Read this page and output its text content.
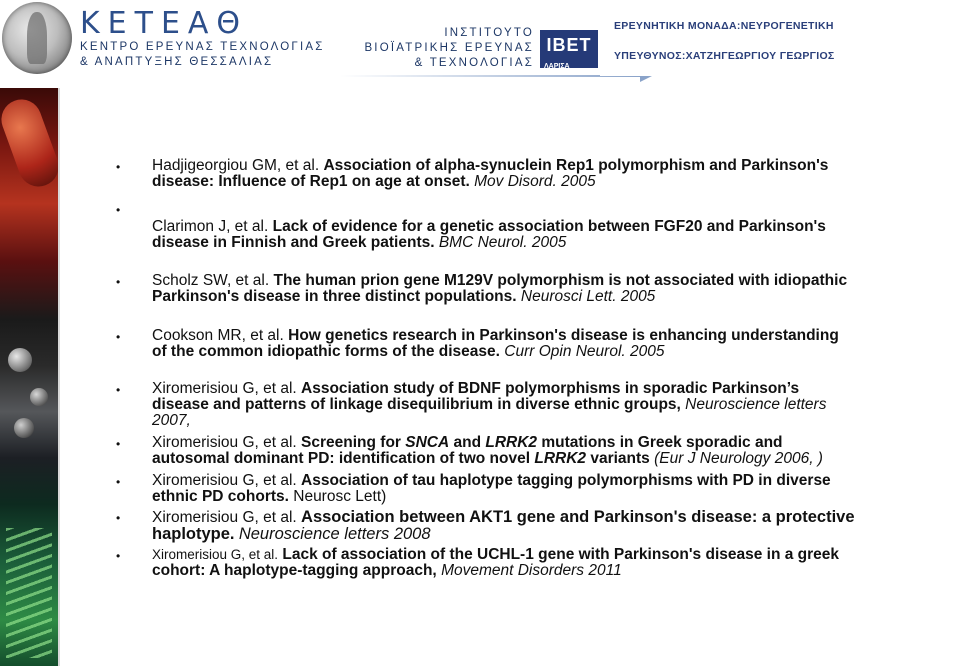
ΚΕΤΕΑΘ
ΚΕΝΤΡΟ ΕΡΕΥΝΑΣ ΤΕΧΝΟΛΟΓΙΑΣ
& ΑΝΑΠΤΥΞΗΣ ΘΕΣΣΑΛΙΑΣ
ΙΝΣΤΙΤΟΥΤΟ
ΒΙΟΪΑΤΡΙΚΗΣ ΕΡΕΥΝΑΣ
& ΤΕΧΝΟΛΟΓΙΑΣ
IBET
ΛΑΡΙΣΑ
ΕΡΕΥΝΗΤΙΚΗ ΜΟΝΑΔΑ:ΝΕΥΡΟΓΕΝΕΤΙΚΗ
ΥΠΕΥΘΥΝΟΣ:ΧΑΤΖΗΓΕΩΡΓΙΟΥ ΓΕΩΡΓΙΟΣ
• Hadjigeorgiou GM, et al. Association of alpha-synuclein Rep1 polymorphism and Parkinson's disease: Influence of Rep1 on age at onset. Mov Disord. 2005
•
Clarimon J, et al. Lack of evidence for a genetic association between FGF20 and Parkinson's disease in Finnish and Greek patients. BMC Neurol. 2005
• Scholz SW, et al. The human prion gene M129V polymorphism is not associated with idiopathic Parkinson's disease in three distinct populations. Neurosci Lett. 2005
• Cookson MR, et al. How genetics research in Parkinson's disease is enhancing understanding of the common idiopathic forms of the disease. Curr Opin Neurol. 2005
• Xiromerisiou G, et al. Association study of BDNF polymorphisms in sporadic Parkinson’s disease and patterns of linkage disequilibrium in diverse ethnic groups, Neuroscience letters 2007,
• Xiromerisiou G, et al. Screening for SNCA and LRRK2 mutations in Greek sporadic and autosomal dominant PD: identification of two novel LRRK2 variants (Eur J Neurology 2006, )
• Xiromerisiou G, et al. Association of tau haplotype tagging polymorphisms with PD in diverse ethnic PD cohorts. Neurosc Lett)
• Xiromerisiou G, et al. Association between AKT1 gene and Parkinson's disease: a protective haplotype. Neuroscience letters 2008
• Xiromerisiou G, et al. Lack of association of the UCHL-1 gene with Parkinson's disease in a greek cohort: A haplotype-tagging approach, Movement Disorders 2011
